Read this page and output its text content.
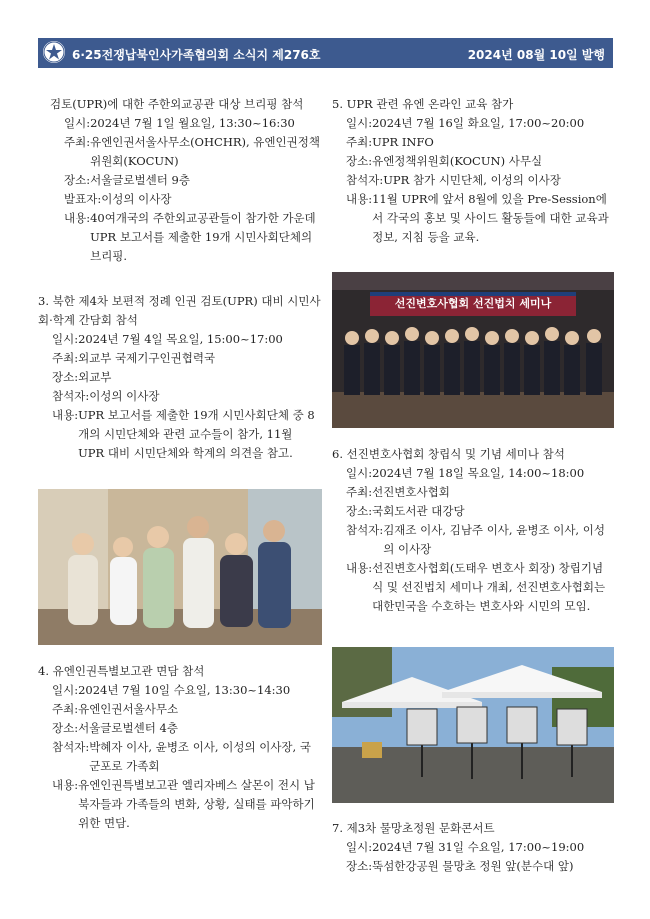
6·25전쟁납북인사가족협의회 소식지 제276호	2024년 08월 10일 발행
검토(UPR)에 대한 주한외교공관 대상 브리핑 참석
일시: 2024년 7월 1일 월요일, 13:30~16:30
주최: 유엔인권서울사무소(OHCHR), 유엔인권정책위원회(KOCUN)
장소: 서울글로벌센터 9층
발표자: 이성의 이사장
내용: 40여개국의 주한외교공관들이 참가한 가운데 UPR 보고서를 제출한 19개 시민사회단체의 브리핑.
3. 북한 제4차 보편적 정례 인권 검토(UPR) 대비 시민사회·학계 간담회 참석
일시: 2024년 7월 4일 목요일, 15:00~17:00
주최: 외교부 국제기구인권협력국
장소: 외교부
참석자: 이성의 이사장
내용: UPR 보고서를 제출한 19개 시민사회단체 중 8개의 시민단체와 관련 교수들이 참가, 11월 UPR 대비 시민단체와 학계의 의견을 참고.
4. 유엔인권특별보고관 면담 참석
일시: 2024년 7월 10일 수요일, 13:30~14:30
주최: 유엔인권서울사무소
장소: 서울글로벌센터 4층
참석자: 박혜자 이사, 윤병조 이사, 이성의 이사장, 국군포로 가족회
내용: 유엔인권특별보고관 엘리자베스 살몬이 전시 납북자들과 가족들의 변화, 상황, 실태를 파악하기 위한 면담.
5. UPR 관련 유엔 온라인 교육 참가
일시: 2024년 7월 16일 화요일, 17:00~20:00
주최: UPR INFO
장소: 유엔정책위원회(KOCUN) 사무실
참석자: UPR 참가 시민단체, 이성의 이사장
내용: 11월 UPR에 앞서 8월에 있을 Pre-Session에서 각국의 홍보 및 사이드 활동들에 대한 교육과 정보, 지침 등을 교육.
선진변호사협회 선진법치 세미나
6. 선진변호사협회 창립식 및 기념 세미나 참석
일시: 2024년 7월 18일 목요일, 14:00~18:00
주최: 선진변호사협회
장소: 국회도서관 대강당
참석자: 김재조 이사, 김남주 이사, 윤병조 이사, 이성의 이사장
내용: 선진변호사협회(도태우 변호사 회장) 창립기념식 및 선진법치 세미나 개최, 선진변호사협회는 대한민국을 수호하는 변호사와 시민의 모임.
7. 제3차 물망초정원 문화콘서트
일시: 2024년 7월 31일 수요일, 17:00~19:00
장소: 뚝섬한강공원 물망초 정원 앞(분수대 앞)
